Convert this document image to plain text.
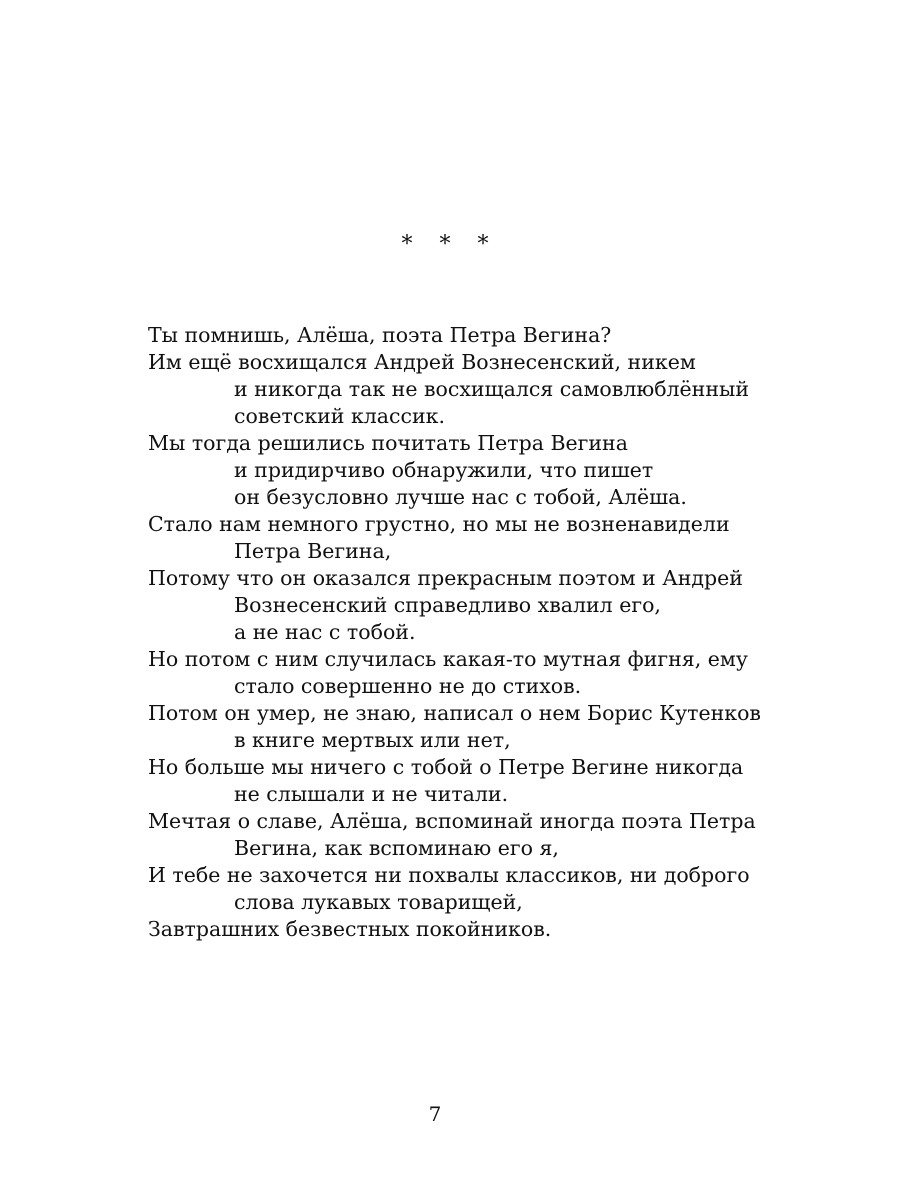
* * *

Ты помнишь, Алёша, поэта Петра Вегина?

Им ещё восхищался Андрей Вознесенский, никем

и никогда так не восхищался самовлюблённый

советский классик.

Мы тогда решились почитать Петра Вегина

и придирчиво обнаружили, что пишет

он безусловно лучше нас с тобой, Алёша.

Стало нам немного грустно, но мы не возненавидели

Петра Вегина,

Потому что он оказался прекрасным поэтом и Андрей

Вознесенский справедливо хвалил его,

а не нас с тобой.

Но потом с ним случилась какая-то мутная фигня, ему

стало совершенно не до стихов.

Потом он умер, не знаю, написал о нем Борис Кутенков

в книге мертвых или нет,

Но больше мы ничего с тобой о Петре Вегине никогда

не слышали и не читали.

Мечтая о славе, Алёша, вспоминай иногда поэта Петра

Вегина, как вспоминаю его я,

И тебе не захочется ни похвалы классиков, ни доброго

слова лукавых товарищей,

Завтрашних безвестных покойников.

7
